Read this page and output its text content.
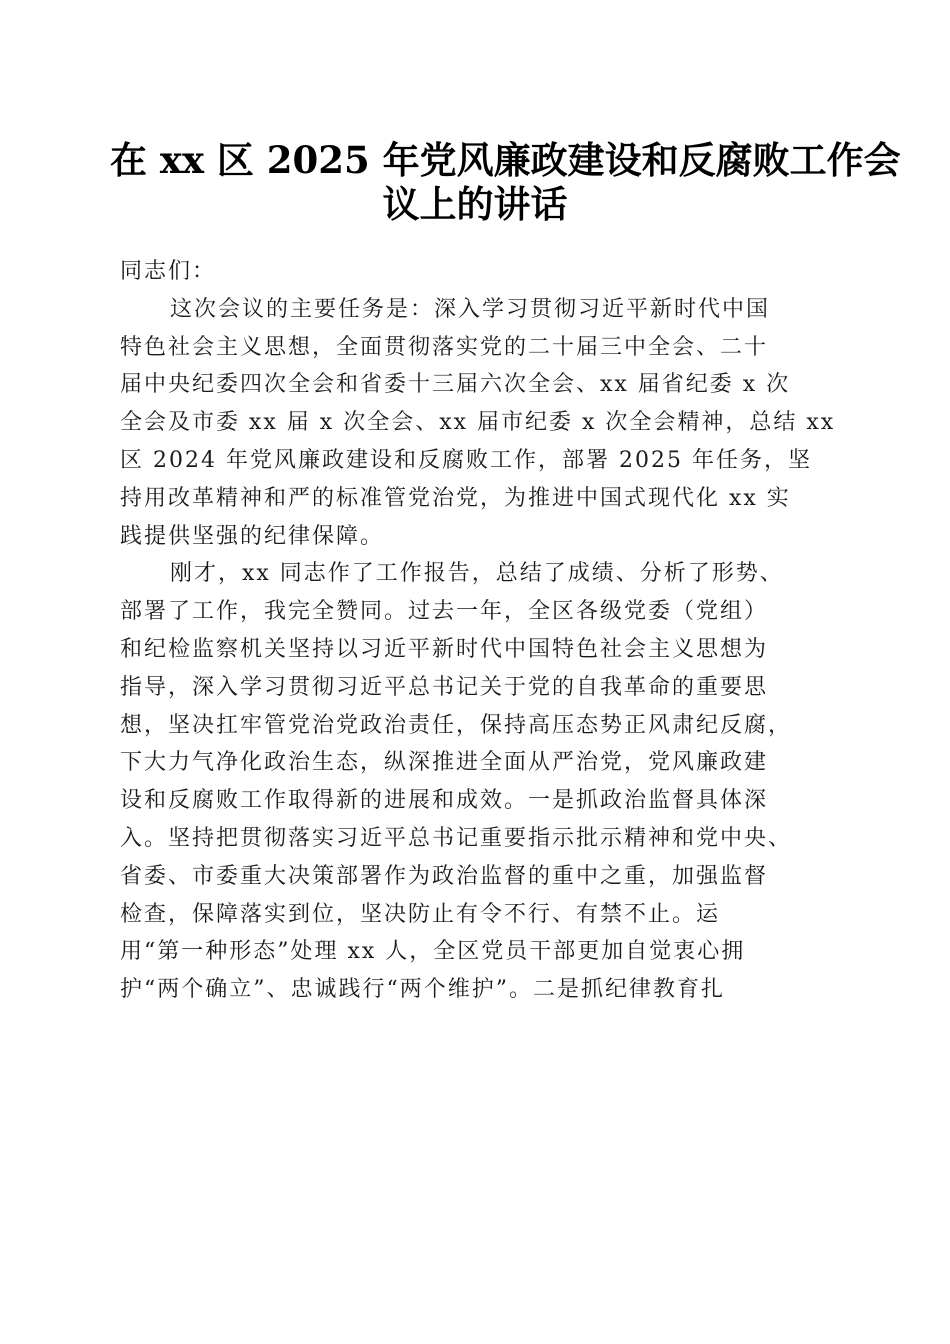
在 xx 区 2025 年党风廉政建设和反腐败工作会
议上的讲话
同志们：
这次会议的主要任务是：深入学习贯彻习近平新时代中国
特色社会主义思想，全面贯彻落实党的二十届三中全会、二十
届中央纪委四次全会和省委十三届六次全会、xx 届省纪委 x 次
全会及市委 xx 届 x 次全会、xx 届市纪委 x 次全会精神，总结 xx
区 2024 年党风廉政建设和反腐败工作，部署 2025 年任务，坚
持用改革精神和严的标准管党治党，为推进中国式现代化 xx 实
践提供坚强的纪律保障。
刚才，xx 同志作了工作报告，总结了成绩、分析了形势、
部署了工作，我完全赞同。过去一年，全区各级党委（党组）
和纪检监察机关坚持以习近平新时代中国特色社会主义思想为
指导，深入学习贯彻习近平总书记关于党的自我革命的重要思
想，坚决扛牢管党治党政治责任，保持高压态势正风肃纪反腐，
下大力气净化政治生态，纵深推进全面从严治党，党风廉政建
设和反腐败工作取得新的进展和成效。一是抓政治监督具体深
入。坚持把贯彻落实习近平总书记重要指示批示精神和党中央、
省委、市委重大决策部署作为政治监督的重中之重，加强监督
检查，保障落实到位，坚决防止有令不行、有禁不止。运
用“第一种形态”处理 xx 人，全区党员干部更加自觉衷心拥
护“两个确立”、忠诚践行“两个维护”。二是抓纪律教育扎
